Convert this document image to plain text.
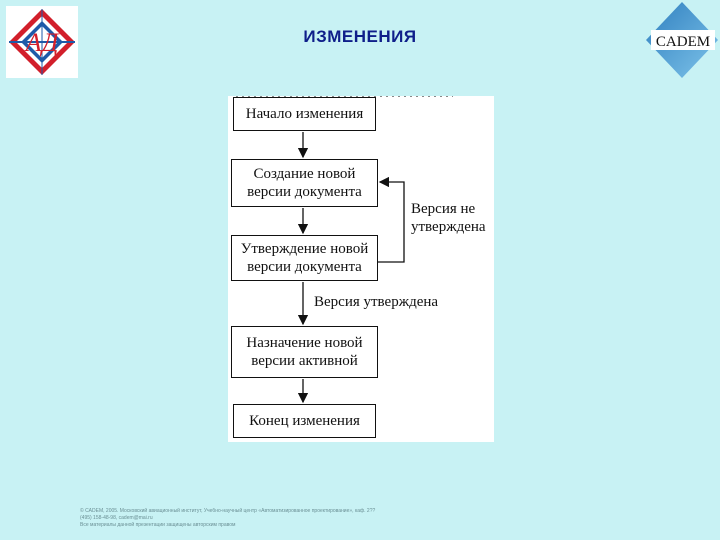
АД	ИЗМЕНЕНИЯ	CADEM
Начало изменения
Создание новой версии документа
Утверждение новой версии документа
Назначение новой версии активной
Конец изменения
Версия не утверждена
Версия утверждена
© CADEM, 2005. Московский авиационный институт, Учебно-научный центр «Автоматизированное проектирование», каф. 2??
(495) 158-48-98, cadem@mai.ru
Все материалы данной презентации защищены авторским правом
